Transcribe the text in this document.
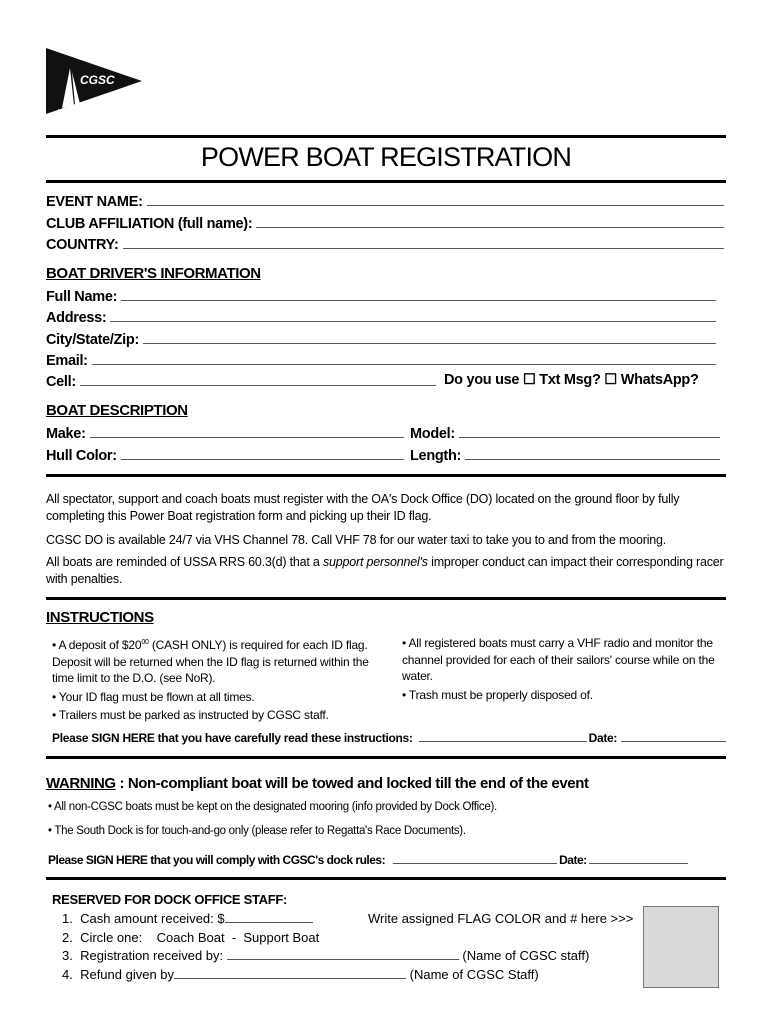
CGSC
POWER BOAT REGISTRATION
EVENT NAME:
CLUB AFFILIATION (full name):
COUNTRY:
BOAT DRIVER'S INFORMATION
Full Name:
Address:
City/State/Zip:
Email:
Cell:	Do you use ☐ Txt Msg? ☐ WhatsApp?
BOAT DESCRIPTION
Make:	Model:
Hull Color:	Length:
All spectator, support and coach boats must register with the OA's Dock Office (DO) located on the ground floor by fully completing this Power Boat registration form and picking up their ID flag.
CGSC DO is available 24/7 via VHS Channel 78. Call VHF 78 for our water taxi to take you to and from the mooring.
All boats are reminded of USSA RRS 60.3(d) that a support personnel's improper conduct can impact their corresponding racer with penalties.
INSTRUCTIONS
• A deposit of $\$20^{00}$ (CASH ONLY) is required for each ID flag. Deposit will be returned when the ID flag is returned within the time limit to the D.O. (see NoR).
• Your ID flag must be flown at all times.
• Trailers must be parked as instructed by CGSC staff.
• All registered boats must carry a VHF radio and monitor the channel provided for each of their sailors' course while on the water.
• Trash must be properly disposed of.
Please SIGN HERE that you have carefully read these instructions:	Date:
WARNING : Non-compliant boat will be towed and locked till the end of the event
• All non-CGSC boats must be kept on the designated mooring (info provided by Dock Office).
• The South Dock is for touch-and-go only (please refer to Regatta's Race Documents).
Please SIGN HERE that you will comply with CGSC's dock rules:	Date:
RESERVED FOR DOCK OFFICE STAFF:
1.  Cash amount received: $
2.  Circle one:    Coach Boat  -  Support Boat
3.  Registration received by:	(Name of CGSC staff)
4.  Refund given by	(Name of CGSC Staff)
Write assigned FLAG COLOR and # here >>>
